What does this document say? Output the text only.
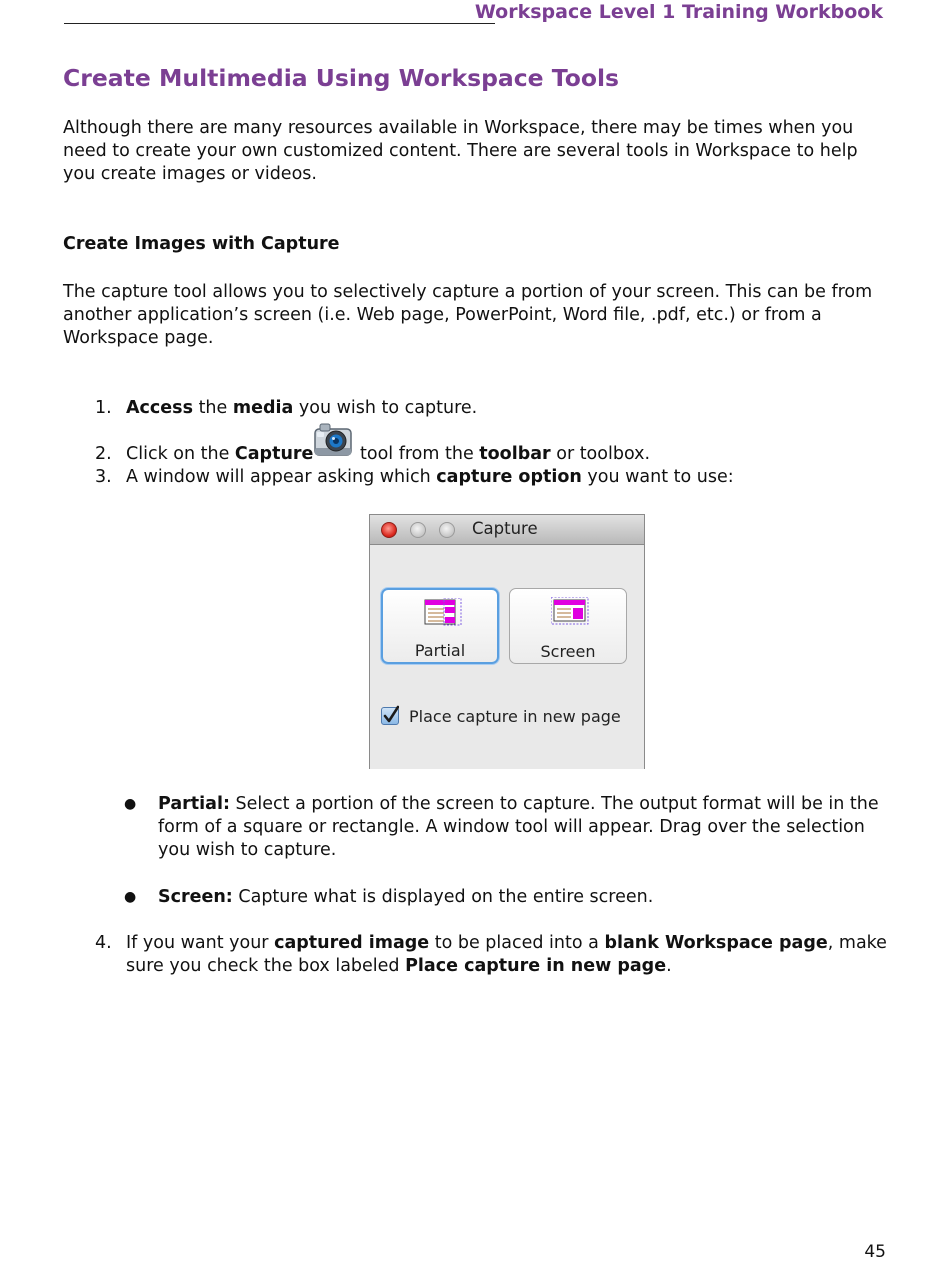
Workspace Level 1 Training Workbook
Create Multimedia Using Workspace Tools
Although there are many resources available in Workspace, there may be times when you need to create your own customized content. There are several tools in Workspace to help you create images or videos.
Create Images with Capture
The capture tool allows you to selectively capture a portion of your screen. This can be from another application’s screen (i.e. Web page, PowerPoint, Word file, .pdf, etc.) or from a Workspace page.
1. Access the media you wish to capture.
2. Click on the Capture	tool from the toolbar or toolbox.
3. A window will appear asking which capture option you want to use:
Capture
Partial	Screen
Place capture in new page
● Partial: Select a portion of the screen to capture. The output format will be in the
form of a square or rectangle. A window tool will appear. Drag over the selection
you wish to capture.
● Screen: Capture what is displayed on the entire screen.
4. If you want your captured image to be placed into a blank Workspace page, make
sure you check the box labeled Place capture in new page.
45
